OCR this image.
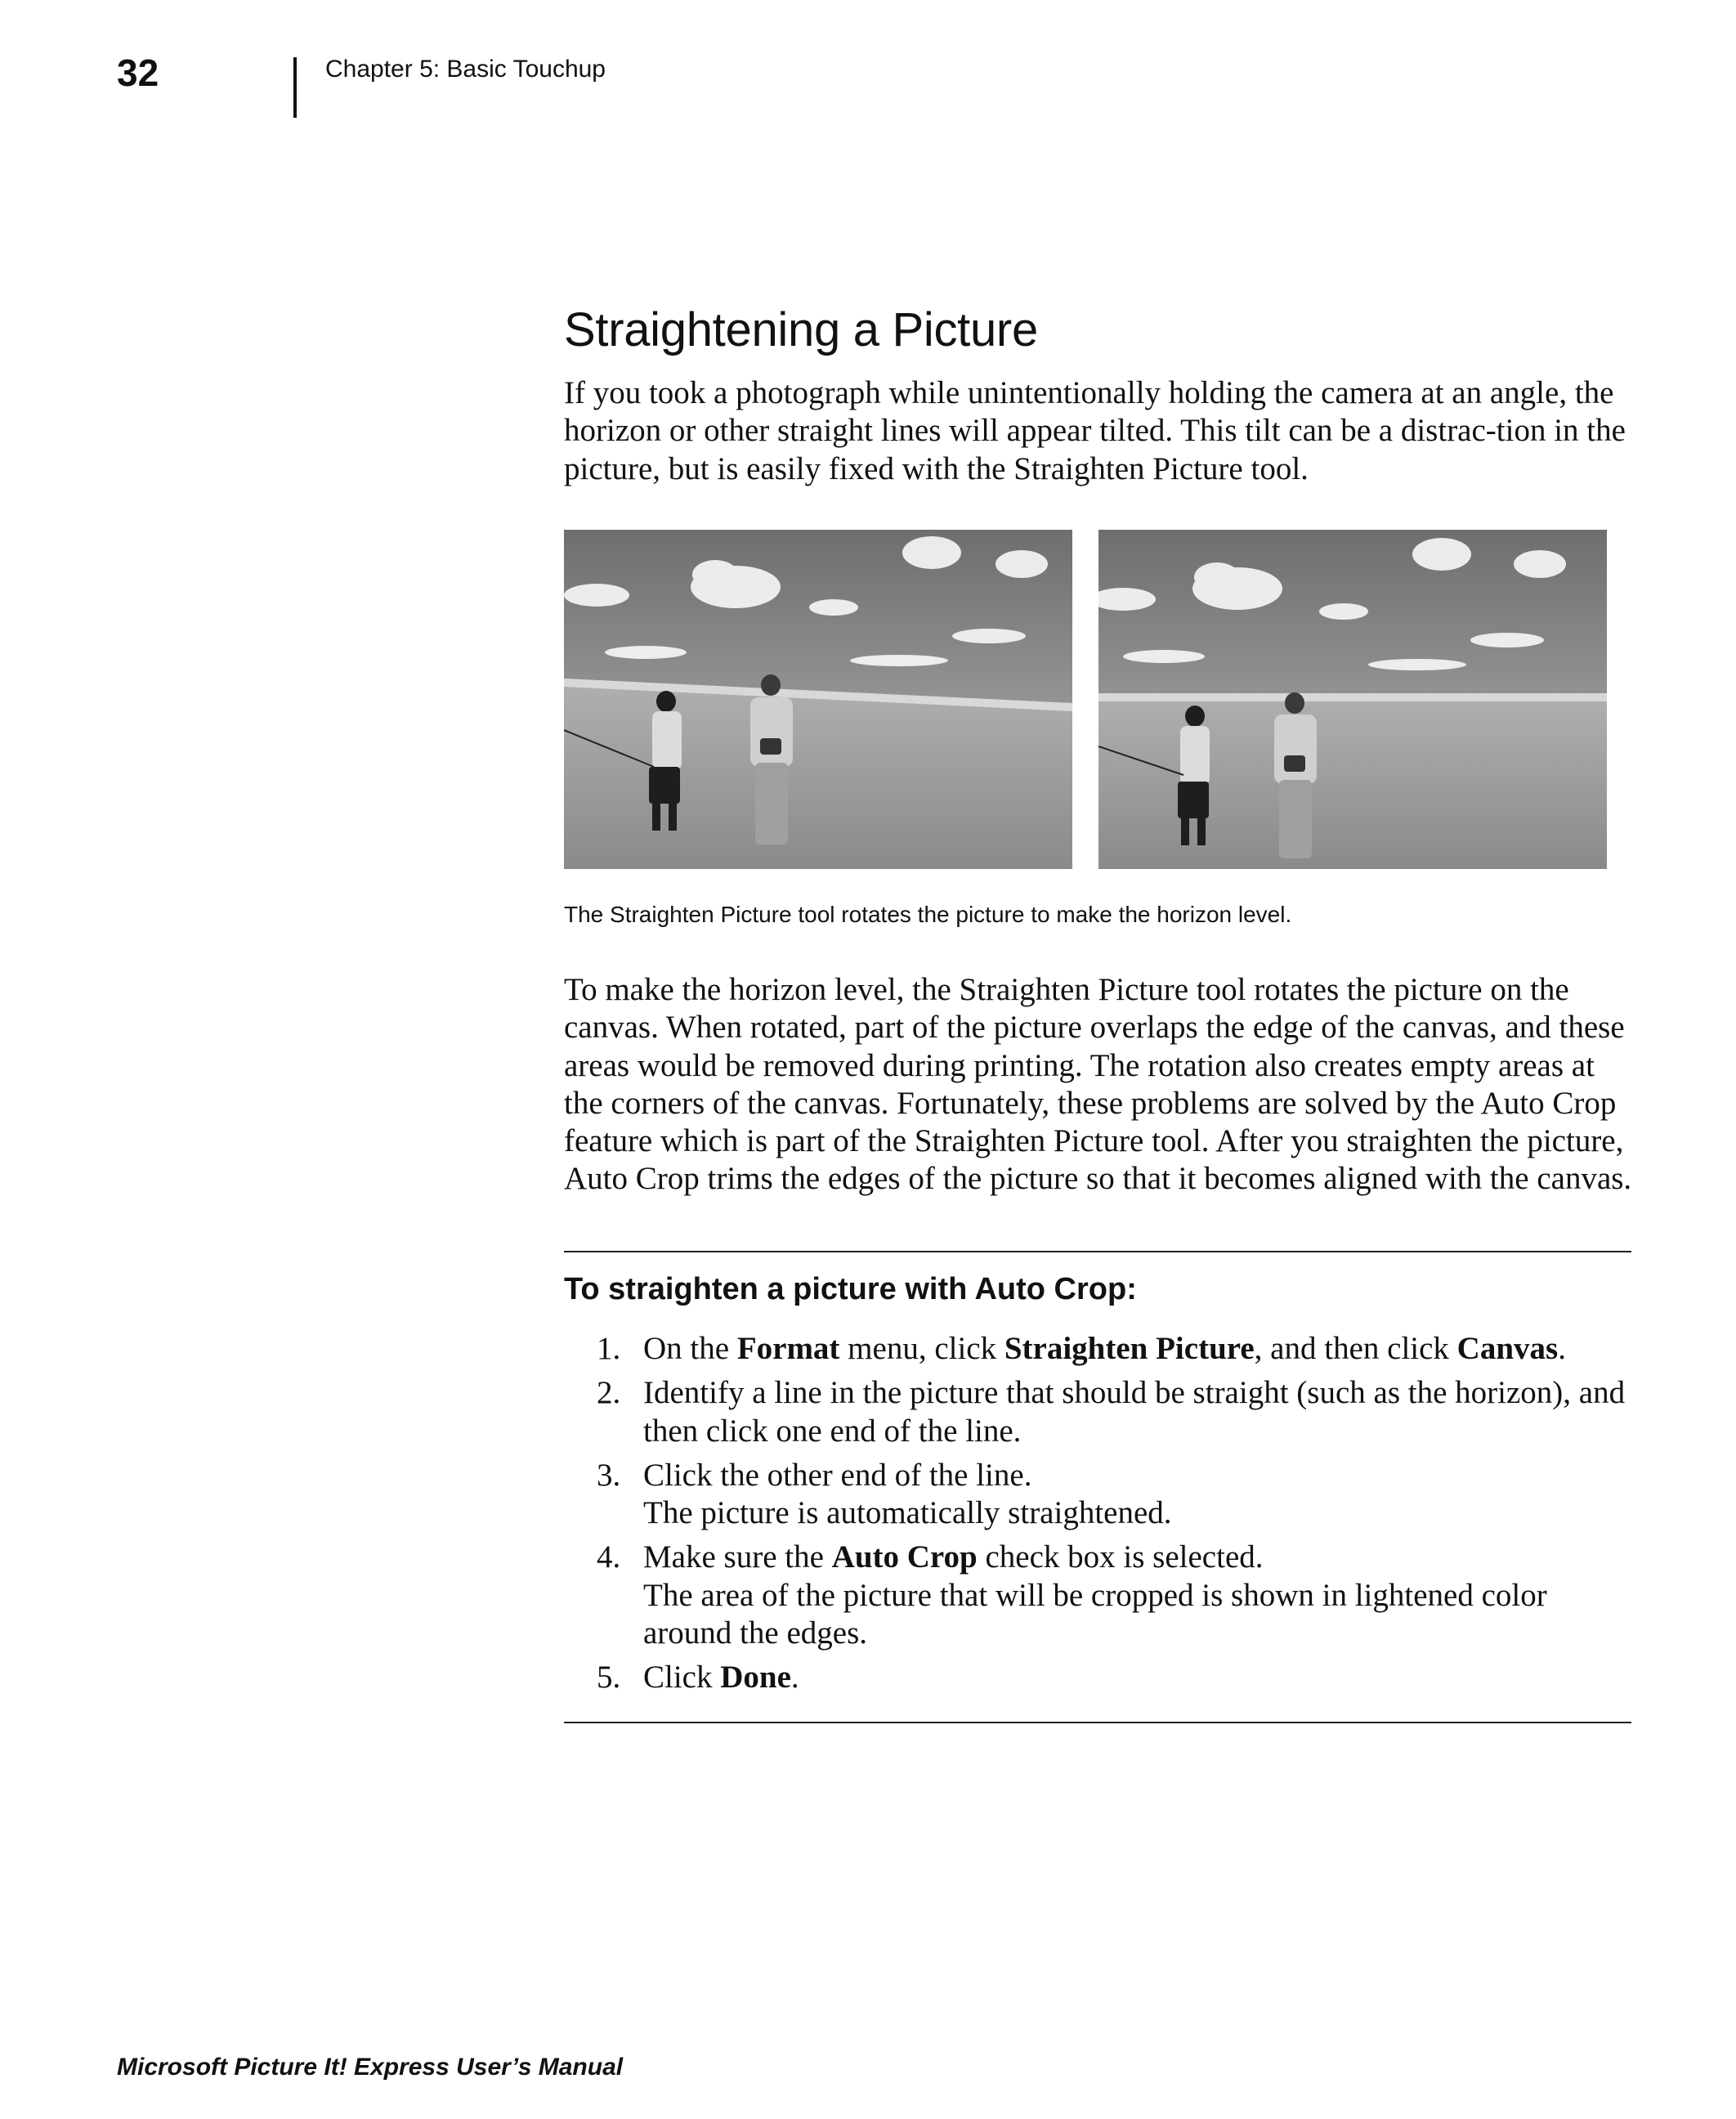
32	Chapter 5: Basic Touchup
Straightening a Picture

If you took a photograph while unintentionally holding the camera at an angle, the horizon or other straight lines will appear tilted. This tilt can be a distrac-tion in the picture, but is easily fixed with the Straighten Picture tool.

The Straighten Picture tool rotates the picture to make the horizon level.

To make the horizon level, the Straighten Picture tool rotates the picture on the canvas. When rotated, part of the picture overlaps the edge of the canvas, and these areas would be removed during printing. The rotation also creates empty areas at the corners of the canvas. Fortunately, these problems are solved by the Auto Crop feature which is part of the Straighten Picture tool. After you straighten the picture, Auto Crop trims the edges of the picture so that it becomes aligned with the canvas.

To straighten a picture with Auto Crop:
1. On the Format menu, click Straighten Picture, and then click Canvas.
2. Identify a line in the picture that should be straight (such as the horizon), and then click one end of the line.
3. Click the other end of the line.
The picture is automatically straightened.
4. Make sure the Auto Crop check box is selected.
The area of the picture that will be cropped is shown in lightened color around the edges.
5. Click Done.
Microsoft Picture It! Express User’s Manual
